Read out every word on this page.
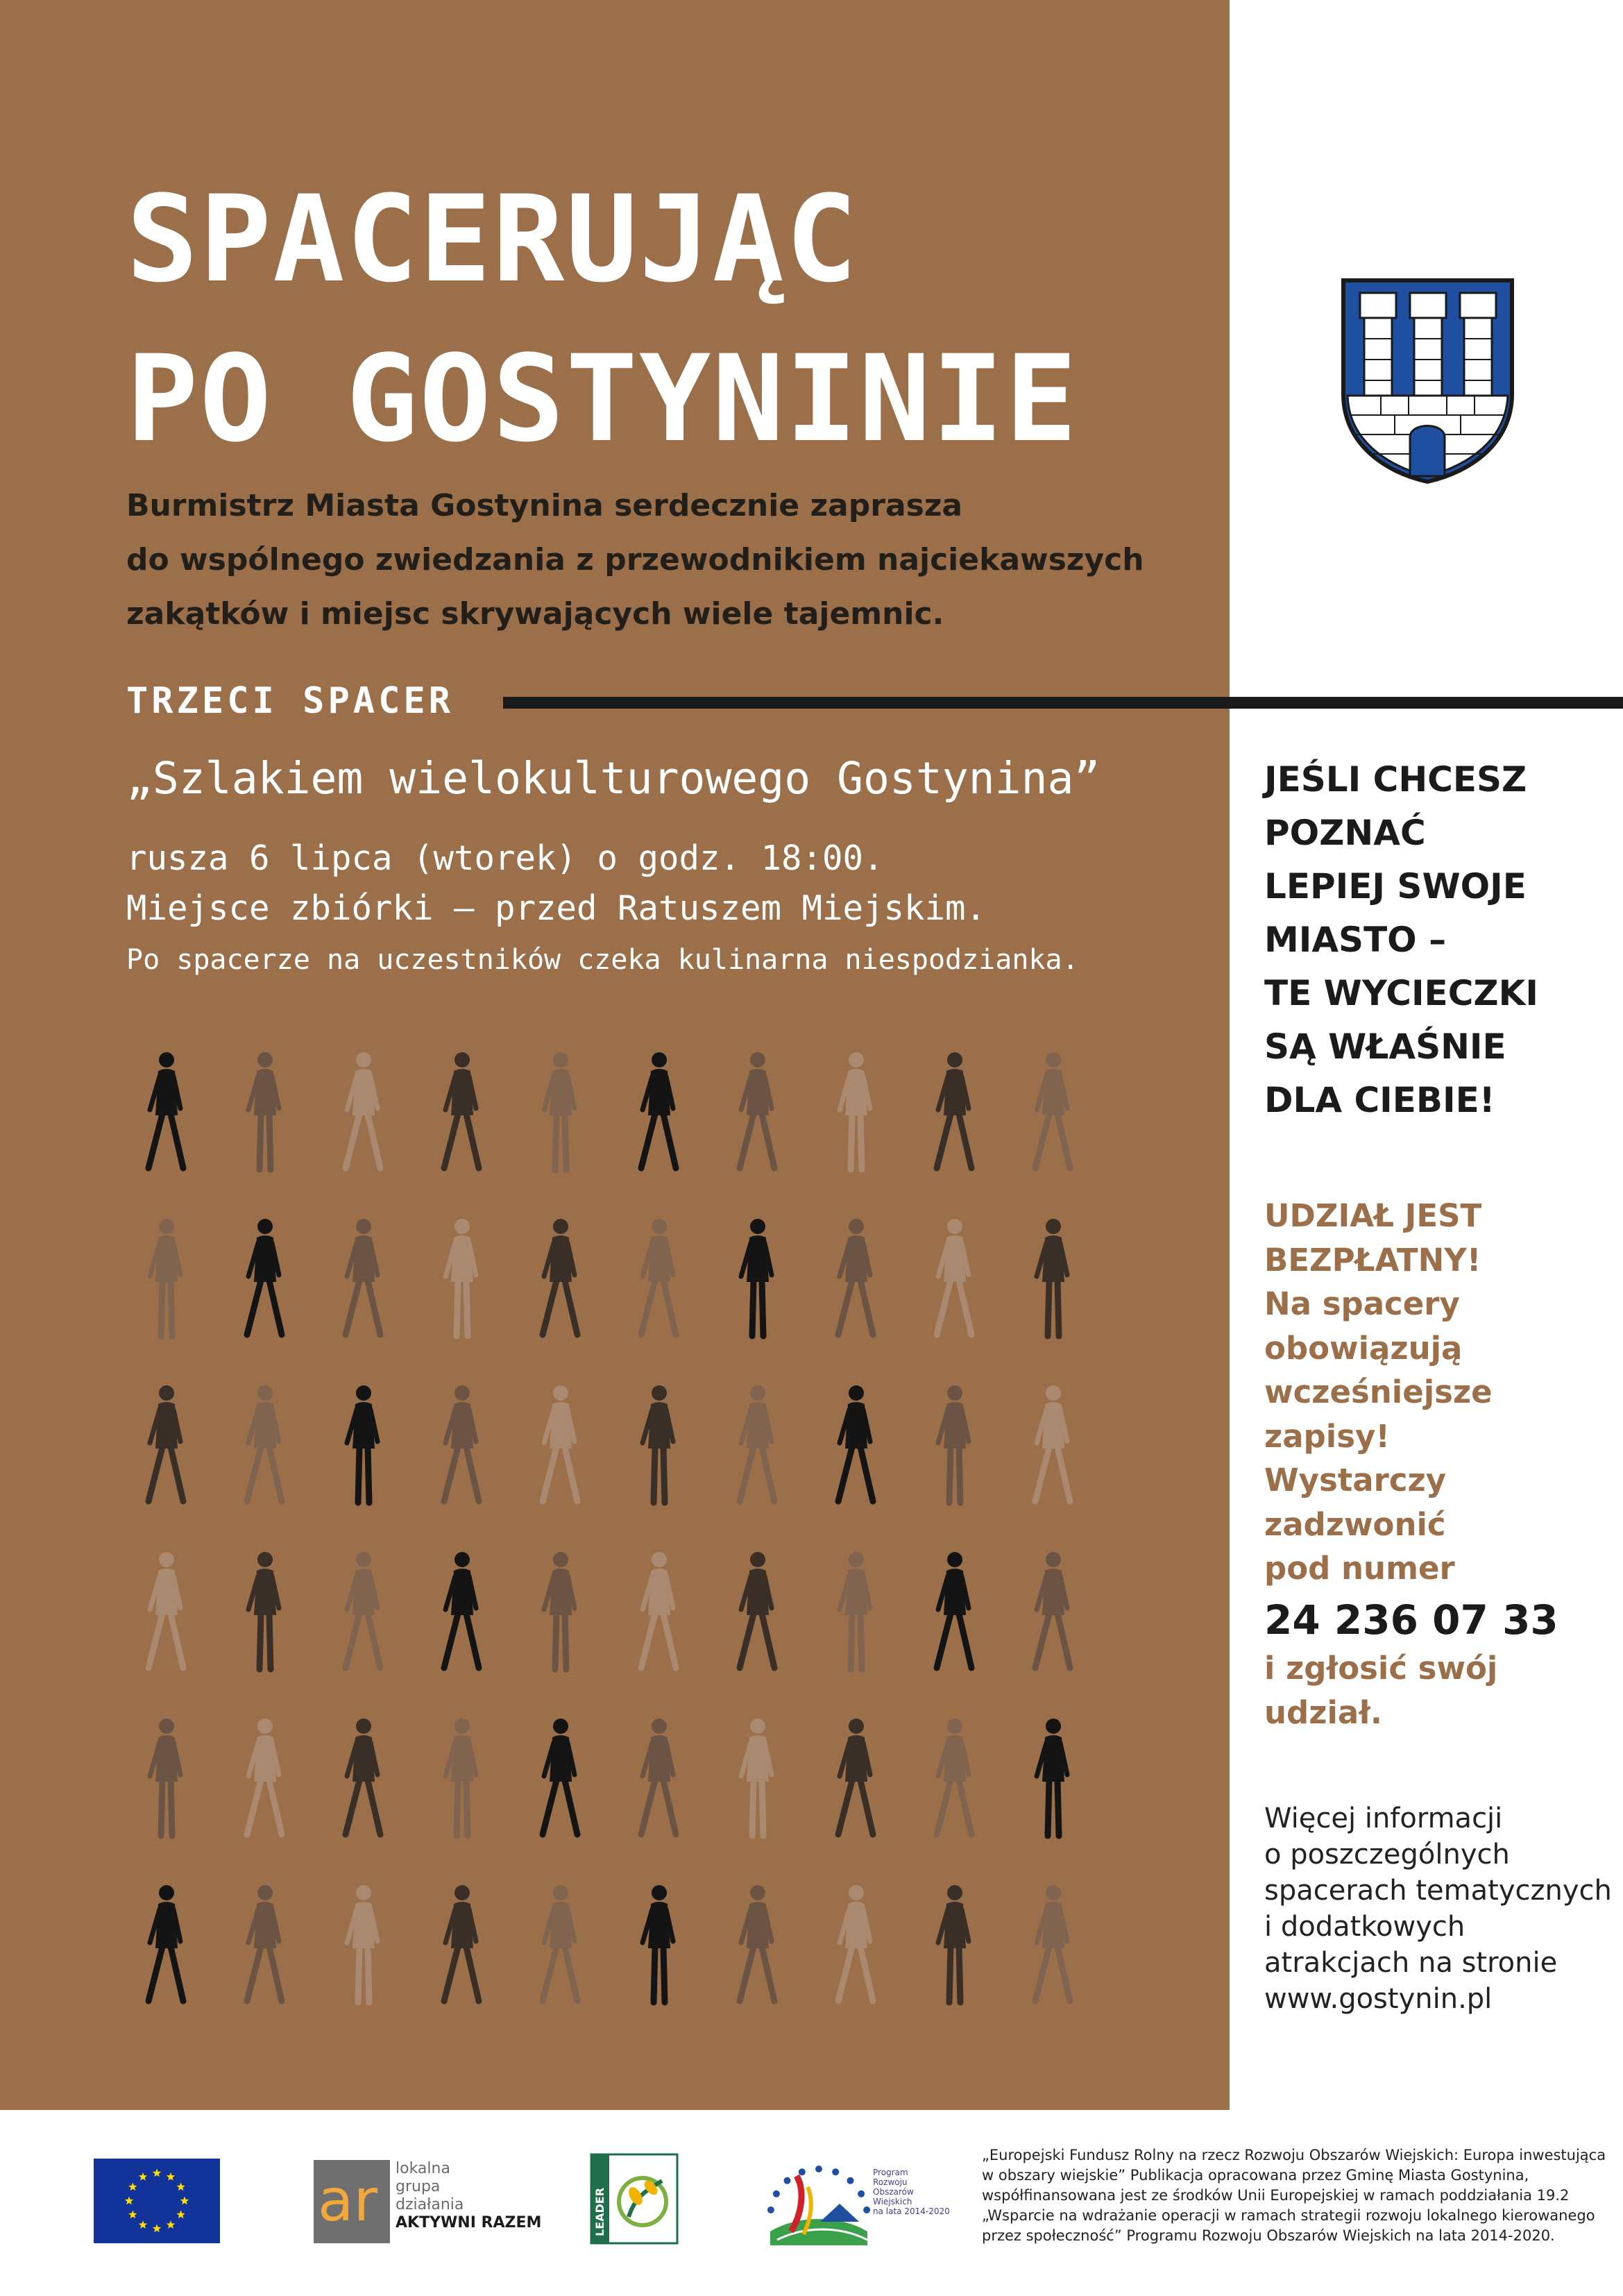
SPACERUJĄC
PO GOSTYNINIE
Burmistrz Miasta Gostynina serdecznie zaprasza
do wspólnego zwiedzania z przewodnikiem najciekawszych
zakątków i miejsc skrywających wiele tajemnic.
TRZECI SPACER
„Szlakiem wielokulturowego Gostynina”
rusza 6 lipca (wtorek) o godz. 18:00.
Miejsce zbiórki – przed Ratuszem Miejskim.
Po spacerze na uczestników czeka kulinarna niespodzianka.
JEŚLI CHCESZ
POZNAĆ
LEPIEJ SWOJE
MIASTO –
TE WYCIECZKI
SĄ WŁAŚNIE
DLA CIEBIE!
UDZIAŁ JEST
BEZPŁATNY!
Na spacery
obowiązują
wcześniejsze
zapisy!
Wystarczy
zadzwonić
pod numer
24 236 07 33
i zgłosić swój
udział.
Więcej informacji
o poszczególnych
spacerach tematycznych
i dodatkowych
atrakcjach na stronie
www.gostynin.pl
ar lokalna
grupa
działania
AKTYWNI RAZEM	LEADER
Program
Rozwoju
Obszarów
Wiejskich
na lata 2014-2020
„Europejski Fundusz Rolny na rzecz Rozwoju Obszarów Wiejskich: Europa inwestująca
w obszary wiejskie” Publikacja opracowana przez Gminę Miasta Gostynina,
współfinansowana jest ze środków Unii Europejskiej w ramach poddziałania 19.2
„Wsparcie na wdrażanie operacji w ramach strategii rozwoju lokalnego kierowanego
przez społeczność” Programu Rozwoju Obszarów Wiejskich na lata 2014-2020.
